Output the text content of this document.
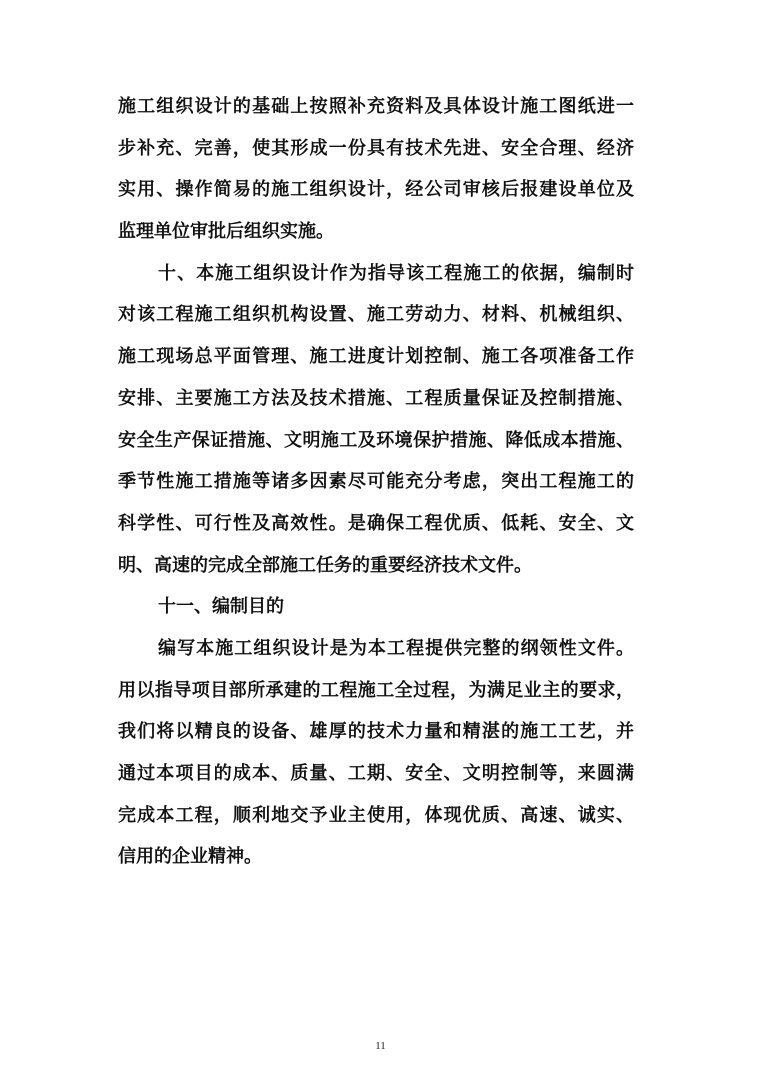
施工组织设计的基础上按照补充资料及具体设计施工图纸进一
步补充、完善，使其形成一份具有技术先进、安全合理、经济
实用、操作简易的施工组织设计，经公司审核后报建设单位及
监理单位审批后组织实施。
十、本施工组织设计作为指导该工程施工的依据，编制时
对该工程施工组织机构设置、施工劳动力、材料、机械组织、
施工现场总平面管理、施工进度计划控制、施工各项准备工作
安排、主要施工方法及技术措施、工程质量保证及控制措施、
安全生产保证措施、文明施工及环境保护措施、降低成本措施、
季节性施工措施等诸多因素尽可能充分考虑，突出工程施工的
科学性、可行性及高效性。是确保工程优质、低耗、安全、文
明、高速的完成全部施工任务的重要经济技术文件。
十一、编制目的
编写本施工组织设计是为本工程提供完整的纲领性文件。
用以指导项目部所承建的工程施工全过程，为满足业主的要求，
我们将以精良的设备、雄厚的技术力量和精湛的施工工艺，并
通过本项目的成本、质量、工期、安全、文明控制等，来圆满
完成本工程，顺利地交予业主使用，体现优质、高速、诚实、
信用的企业精神。
11
